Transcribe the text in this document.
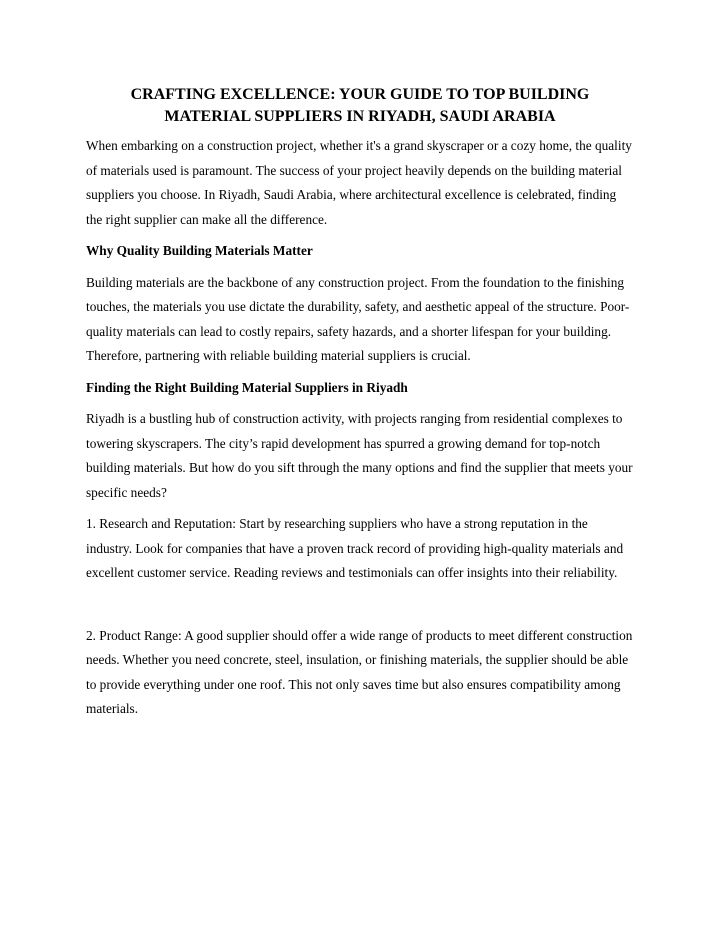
CRAFTING EXCELLENCE: YOUR GUIDE TO TOP BUILDING MATERIAL SUPPLIERS IN RIYADH, SAUDI ARABIA

When embarking on a construction project, whether it's a grand skyscraper or a cozy home, the quality of materials used is paramount. The success of your project heavily depends on the building material suppliers you choose. In Riyadh, Saudi Arabia, where architectural excellence is celebrated, finding the right supplier can make all the difference.

Why Quality Building Materials Matter

Building materials are the backbone of any construction project. From the foundation to the finishing touches, the materials you use dictate the durability, safety, and aesthetic appeal of the structure. Poor-quality materials can lead to costly repairs, safety hazards, and a shorter lifespan for your building. Therefore, partnering with reliable building material suppliers is crucial.

Finding the Right Building Material Suppliers in Riyadh

Riyadh is a bustling hub of construction activity, with projects ranging from residential complexes to towering skyscrapers. The city’s rapid development has spurred a growing demand for top-notch building materials. But how do you sift through the many options and find the supplier that meets your specific needs?

1. Research and Reputation: Start by researching suppliers who have a strong reputation in the industry. Look for companies that have a proven track record of providing high-quality materials and excellent customer service. Reading reviews and testimonials can offer insights into their reliability.

2. Product Range: A good supplier should offer a wide range of products to meet different construction needs. Whether you need concrete, steel, insulation, or finishing materials, the supplier should be able to provide everything under one roof. This not only saves time but also ensures compatibility among materials.
